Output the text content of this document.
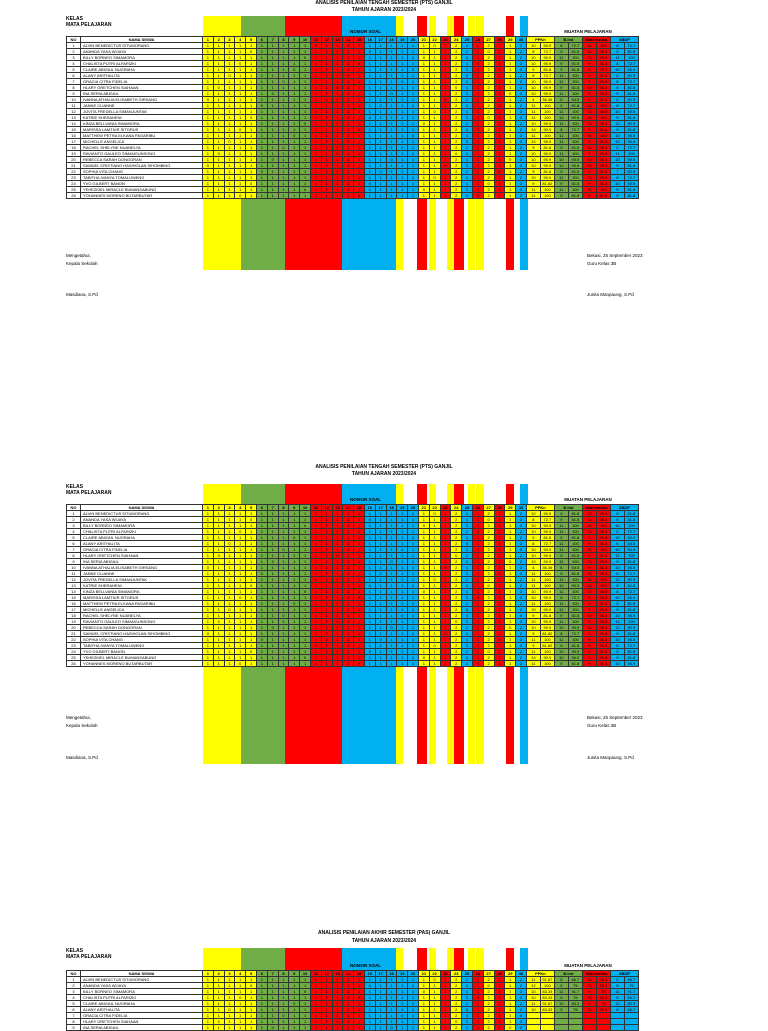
ANALISIS PENILAIAN TENGAH SEMESTER (PTS) GANJIL
TAHUN AJARAN 2023/2024
KELAS
MATA PELAJARAN
NOMOR SOAL	MUATAN PELAJARAN
NO	NAMA SISWA	1	2	3	4	5	6	7	8	9	10	11	12	13	14	15	16	17	18	19	20	21	22	23	24	25	26	27	28	29	30	PPKn		B.Ind		Matematika		SBDP	
1	ALVIN BENEDICTUS SITUMORANG	1	1	1	1	1	1	1	1	1	1	0	1	1	1	1	1	1	1	1	1	1	0	1	2	1	1	2	1	1	2	10	90.9	8	72.7	11	100	8	72.7
2	ANANDA YASA WIJAYA	1	1	1	1	0	1	1	1	1	1	1	1	1	1	1	0	1	1	1	1	1	1	1	2	1	1	0	1	1	2	8	72.7	9	81.8	10	90.9	9	81.8
3	BILLY BORNEO SIMAMORA	1	1	1	1	1	1	1	1	1	0	1	1	1	1	1	1	1	1	1	1	0	1	1	2	1	1	2	1	1	2	10	90.9	11	100	10	90.9	11	100
4	CHALISTA PUTRI ALFARIZKI	1	1	1	0	1	1	1	1	1	1	1	1	1	1	0	1	1	1	1	1	1	1	1	2	1	0	2	1	1	2	10	90.9	9	81.8	9	81.8	8	72.7
5	CLAIRE ABIGAIL NUGRAHA	1	1	1	1	1	1	1	1	0	1	1	1	1	1	1	1	1	1	1	0	1	1	1	2	1	1	2	1	1	2	9	81.8	9	81.8	8	72.7	10	90.9
6	ALANY ARITHALITA	1	1	0	1	1	1	1	1	1	1	1	1	1	0	1	1	1	1	1	1	1	1	1	2	0	1	2	1	1	2	8	72.7	11	100	9	81.8	6	54.5
7	GRACIA CITRA FIDELIA	1	1	1	1	1	1	1	0	1	1	1	1	1	1	1	1	1	1	0	1	1	1	1	2	1	1	2	1	1	0	10	90.9	11	100	9	81.8	8	72.7
8	HLARY GRETCHEN SIAHAAN	1	0	1	1	1	1	1	1	1	1	1	1	0	1	1	1	1	1	1	1	1	1	1	0	1	1	2	1	1	2	10	90.9	9	81.8	10	90.9	9	81.8
9	INA SERIA ABIGAIL	1	1	1	1	1	1	0	1	1	1	1	1	1	1	1	1	1	0	1	1	1	1	1	2	1	1	2	1	0	2	10	90.9	11	100	9	81.8	9	81.8
10	IVANNA ATHALIA ELISABETH GIRSANG	0	1	1	1	1	1	1	1	1	1	1	0	1	1	1	1	1	1	1	1	1	1	0	2	1	1	2	1	1	2	4	36.36	6	54.5	9	81.8	6	54.5
11	JANNE CLIANNE	1	1	1	1	1	0	1	1	1	1	1	1	1	1	1	1	0	1	1	1	1	1	1	2	1	1	2	0	1	2	11	100	9	81.8	11	100	8	72.7
12	JOVITA FREDELLA SIMANJUNTAK	1	1	1	1	1	1	1	1	1	1	0	1	1	1	1	1	1	1	1	1	1	0	1	2	1	1	2	1	1	2	11	100	11	100	10	90.9	10	90.9
13	KATRIE SHERAHENI	1	1	1	1	0	1	1	1	1	1	1	1	1	1	1	0	1	1	1	1	1	1	1	2	1	1	0	1	1	2	11	100	10	90.9	11	100	9	81.8
14	KINZA BELLVANIA SIMAMORA	1	1	1	1	1	1	1	1	1	0	1	1	1	1	1	1	1	1	1	1	0	1	1	2	1	1	2	1	1	2	10	90.9	11	100	10	90.9	10	90.9
15	MARISSA LAMTIUR SITORUS	1	1	1	0	1	1	1	1	1	1	1	1	1	1	0	1	1	1	1	1	1	1	1	2	1	0	2	1	1	2	10	90.9	8	72.7	9	81.8	9	81.8
16	MATTHEW PETRA ELKANA PAGARIBU	1	1	1	1	1	1	1	1	0	1	1	1	1	1	1	1	1	1	1	0	1	1	1	2	1	1	2	1	1	2	11	100	11	100	11	100	10	90.9
17	MICHELLE ANGELICA	1	1	0	1	1	1	1	1	1	1	1	1	1	0	1	1	1	1	1	1	1	1	1	2	0	1	2	1	1	2	10	90.9	11	100	9	81.8	10	90.9
18	RACHEL SHELYNE NUANELYA	1	1	1	1	1	1	1	0	1	1	1	1	1	1	1	1	1	1	0	1	1	1	1	2	1	1	2	1	1	0	9	81.8	9	81.8	10	90.9	8	72.7
19	RAVIANTO GAULEO SIMANGUNSONG	1	0	1	1	1	1	1	1	1	1	1	1	0	1	1	1	1	1	1	1	1	1	1	0	1	1	2	1	1	2	10	90.9	11	100	9	81.8	11	100
20	REBECCA SARAH DONGORAN	1	1	1	1	1	1	0	1	1	1	1	1	1	1	1	1	1	0	1	1	1	1	1	2	1	1	2	1	0	2	10	90.9	10	90.9	10	90.9	10	90.9
21	SAMUEL CRISTIANO HASIHOLAN SIHOMBING	0	1	1	1	1	1	1	1	1	1	1	0	1	1	1	1	1	1	1	1	1	1	0	2	1	1	2	1	1	2	10	90.9	10	90.9	10	90.9	9	81.8
22	SOPHIA VITA CHANG	1	1	1	1	1	0	1	1	1	1	1	1	1	1	1	1	0	1	1	1	1	1	1	2	1	1	2	0	1	2	9	81.8	9	81.8	9	81.8	7	63.6
23	TABITHA IVANYA TOMALUWENG	1	1	1	1	1	1	1	1	1	1	0	1	1	1	1	1	1	1	1	1	1	0	1	2	1	1	2	1	1	2	10	90.9	11	100	10	90.9	8	72.7
24	YVO GILBERT BANON	1	1	1	1	0	1	1	1	1	1	1	1	1	1	1	0	1	1	1	1	1	1	1	2	1	1	0	1	1	2	9	81.82	9	81.8	9	81.8	10	90.9
25	YEHEZKIEL MIRACLE BUMANSABUNG	1	1	1	1	1	1	1	1	1	0	1	1	1	1	1	1	1	1	1	1	0	1	1	2	1	1	2	1	1	2	11	100	11	100	11	100	9	81.8
26	YOHANNES MORENO BUTARBUTAR	1	1	1	0	1	1	1	1	1	1	1	1	1	1	0	1	1	1	1	1	1	1	1	2	1	0	2	1	1	2	11	100	9	81.8	9	81.8	9	81.8
Mengetahui,
Kepala Sekolah
Bekasi, 25 September 2023
Guru Kelas 3B
Masdiana, S.Pd	Junita Manpaung, S.Pd
ANALISIS PENILAIAN TENGAH SEMESTER (PTS) GANJIL
TAHUN AJARAN 2023/2024
KELAS
MATA PELAJARAN
NOMOR SOAL	MUATAN PELAJARAN
NO	NAMA SISWA	1	2	3	4	5	6	7	8	9	10	11	12	13	14	15	16	17	18	19	20	21	22	23	24	25	26	27	28	29	30	PPKn		B.Ind		Matematika		SBDP	
1	ALVIN BENEDICTUS SITUMORANG	1	1	1	1	1	1	1	1	1	1	0	1	1	1	1	1	1	1	1	1	1	0	1	2	1	1	2	1	1	2	10	90.9	9	81.8	10	90.9	9	81.8
2	ANANDA YASA WIJAYA	1	1	1	1	0	1	1	1	1	1	1	1	1	1	1	0	1	1	1	1	1	1	1	2	1	1	0	1	1	2	8	72.7	9	81.8	10	90.9	9	81.8
3	BILLY BORNEO SIMAMORA	1	1	1	1	1	1	1	1	1	0	1	1	1	1	1	1	1	1	1	1	0	1	1	2	1	1	2	1	1	2	10	90.9	11	100	11	100	11	100
4	CHALISTA PUTRI ALFARIZKI	1	1	1	0	1	1	1	1	1	1	1	1	1	1	0	1	1	1	1	1	1	1	1	2	1	0	2	1	1	2	10	90.9	11	100	10	90.9	8	72.7
5	CLAIRE ABIGAIL NUGRAHA	1	1	1	1	1	1	1	1	0	1	1	1	1	1	1	1	1	1	1	0	1	1	1	2	1	1	2	1	1	2	9	81.8	9	81.8	9	81.8	10	90.9
6	ALANY ARITHALITA	1	1	0	1	1	1	1	1	1	1	1	1	1	0	1	1	1	1	1	1	1	1	1	2	0	1	2	1	1	2	8	72.7	11	100	9	81.8	6	54.5
7	GRACIA CITRA FIDELIA	1	1	1	1	1	1	1	0	1	1	1	1	1	1	1	1	1	1	0	1	1	1	1	2	1	1	2	1	1	0	10	90.9	11	100	11	100	10	90.9
8	HLARY GRETCHEN SIAHAAN	1	0	1	1	1	1	1	1	1	1	1	1	0	1	1	1	1	1	1	1	1	1	1	0	1	1	2	1	1	2	10	90.9	9	81.8	9	81.8	11	100
9	INA SERIA ABIGAIL	1	1	1	1	1	1	0	1	1	1	1	1	1	1	1	1	1	0	1	1	1	1	1	2	1	1	2	1	0	2	10	90.9	11	100	10	90.9	9	81.8
10	IVANNA ATHALIA ELISABETH GIRSANG	0	1	1	1	1	1	1	1	1	1	1	0	1	1	1	1	1	1	1	1	1	1	0	2	1	1	2	1	1	2	4	36.36	6	54.5	9	81.8	10	90.9
11	JANNE CLIANNE	1	1	1	1	1	0	1	1	1	1	1	1	1	1	1	1	0	1	1	1	1	1	1	2	1	1	2	0	1	2	11	100	9	81.8	10	90.9	8	72.7
12	JOVITA FREDELLA SIMANJUNTAK	1	1	1	1	1	1	1	1	1	1	0	1	1	1	1	1	1	1	1	1	1	0	1	2	1	1	2	1	1	2	11	100	11	100	11	100	10	90.9
13	KATRIE SHERAHENI	1	1	1	1	0	1	1	1	1	1	1	1	1	1	1	0	1	1	1	1	1	1	1	2	1	1	0	1	1	2	11	100	10	90.9	11	100	9	81.8
14	KINZA BELLVANIA SIMAMORA	1	1	1	1	1	1	1	1	1	0	1	1	1	1	1	1	1	1	1	1	0	1	1	2	1	1	2	1	1	2	10	90.9	11	100	10	90.9	8	72.7
15	MARISSA LAMTIUR SITORUS	1	1	1	0	1	1	1	1	1	1	1	1	1	1	0	1	1	1	1	1	1	1	1	2	1	0	2	1	1	2	10	90.9	8	72.7	9	81.8	10	90.9
16	MATTHEW PETRA ELKANA PAGARIBU	1	1	1	1	1	1	1	1	0	1	1	1	1	1	1	1	1	1	1	0	1	1	1	2	1	1	2	1	1	2	11	100	11	100	9	81.8	9	81.8
17	MICHELLE ANGELICA	1	1	0	1	1	1	1	1	1	1	1	1	1	0	1	1	1	1	1	1	1	1	1	2	0	1	2	1	1	2	10	90.9	11	100	9	81.8	9	81.8
18	RACHEL SHELYNE NUANELYA	1	1	1	1	1	1	1	0	1	1	1	1	1	1	1	1	1	1	0	1	1	1	1	2	1	1	2	1	1	0	9	81.8	9	81.8	10	90.9	10	90.9
19	RAVIANTO GAULEO SIMANGUNSONG	1	0	1	1	1	1	1	1	1	1	1	1	0	1	1	1	1	1	1	1	1	1	1	0	1	1	2	1	1	2	10	90.9	11	100	9	81.8	11	100
20	REBECCA SARAH DONGORAN	1	1	1	1	1	1	0	1	1	1	1	1	1	1	1	1	1	0	1	1	1	1	1	2	1	1	2	1	0	2	10	90.9	10	90.9	10	90.9	10	90.9
21	SAMUEL CRISTIANO HASIHOLAN SIHOMBING	0	1	1	1	1	1	1	1	1	1	1	0	1	1	1	1	1	1	1	1	1	1	0	2	1	1	2	1	1	2	9	81.82	8	72.7	9	81.8	9	81.8
22	SOPHIA VITA CHANG	1	1	1	1	1	0	1	1	1	1	1	1	1	1	1	1	0	1	1	1	1	1	1	2	1	1	2	0	1	2	11	100	11	100	9	81.8	10	90.9
23	TABITHA IVANYA TOMALUWENG	1	1	1	1	1	1	1	1	1	1	0	1	1	1	1	1	1	1	1	1	1	0	1	2	1	1	2	1	1	2	9	81.82	9	81.8	9	81.8	8	72.7
24	YVO GILBERT BANON	1	1	1	1	0	1	1	1	1	1	1	1	1	1	1	0	1	1	1	1	1	1	1	2	1	1	0	1	1	2	11	100	10	90.9	9	81.8	9	81.8
25	YEHEZKIEL MIRACLE BUMANSABUNG	1	1	1	1	1	1	1	1	1	0	1	1	1	1	1	1	1	1	1	1	0	1	1	2	1	1	2	1	1	2	10	90.9	10	90.9	9	81.8	9	81.8
26	YOHANNES MORENO BUTARBUTAR	1	1	1	0	1	1	1	1	1	1	1	1	1	1	0	1	1	1	1	1	1	1	1	2	1	0	2	1	1	2	11	100	9	81.8	9	81.8	10	90.9
Mengetahui,
Kepala Sekolah
Bekasi, 25 September 2023
Guru Kelas 3B
Masdiana, S.Pd	Junita Manpaung, S.Pd
ANALISIS PENILAIAN AKHIR SEMESTER (PAS) GANJIL
TAHUN AJARAN 2023/2024
KELAS
MATA PELAJARAN
NOMOR SOAL	MUATAN PELAJARAN
NO	NAMA SISWA	1	2	3	4	5	6	7	8	9	10	11	12	13	14	15	16	17	18	19	20	21	22	23	24	25	26	27	28	29	30	PPKn		B.Ind		Matematika		SBDP	
1	ALVIN BENEDICTUS SITUMORANG	1	1	1	1	1	1	1	1	1	1	0	1	1	1	1	1	1	1	1	1	1	0	1	2	1	1	2	1	1	2	11	91.67	8	66.7	10	83.3	8	66.7
2	ANANDA YASA WIJAYA	1	1	1	1	0	1	1	1	1	1	1	1	1	1	1	0	1	1	1	1	1	1	1	2	1	1	0	1	1	2	12	100	9	75	10	83.3	9	75
3	BILLY BORNEO SIMAMORA	1	1	1	1	1	1	1	1	1	0	1	1	1	1	1	1	1	1	1	1	0	1	1	2	1	1	2	1	1	2	10	83.33	11	91.7	9	75	11	91.7
4	CHALISTA PUTRI ALFARIZKI	1	1	1	0	1	1	1	1	1	1	1	1	1	1	0	1	1	1	1	1	1	1	1	2	1	0	2	1	1	2	10	83.33	9	75	10	83.3	8	66.7
5	CLAIRE ABIGAIL NUGRAHA	1	1	1	1	1	1	1	1	0	1	1	1	1	1	1	1	1	1	1	0	1	1	1	2	1	1	2	1	1	2	11	91.67	10	83.3	9	75	10	83.3
6	ALANY ARITHALITA	1	1	0	1	1	1	1	1	1	1	1	1	1	0	1	1	1	1	1	1	1	1	1	2	0	1	2	1	1	2	10	83.33	9	75	10	83.3	8	66.7
7	GRACIA CITRA FIDELIA	1	1	1	1	1	1	1	0	1	1	1	1	1	1	1	1	1	1	0	1	1	1	1	2	1	1	2	1	1	0								
8	HLARY GRETCHEN SIAHAAN	1	0	1	1	1	1	1	1	1	1	1	1	0	1	1	1	1	1	1	1	1	1	1	0	1	1	2	1	1	2								
9	INA SERIA ABIGAIL	1	1	1	1	1	1	0	1	1	1	1	1	1	1	1	1	1	0	1	1	1	1	1	2	1	1	2	1	0	2								
